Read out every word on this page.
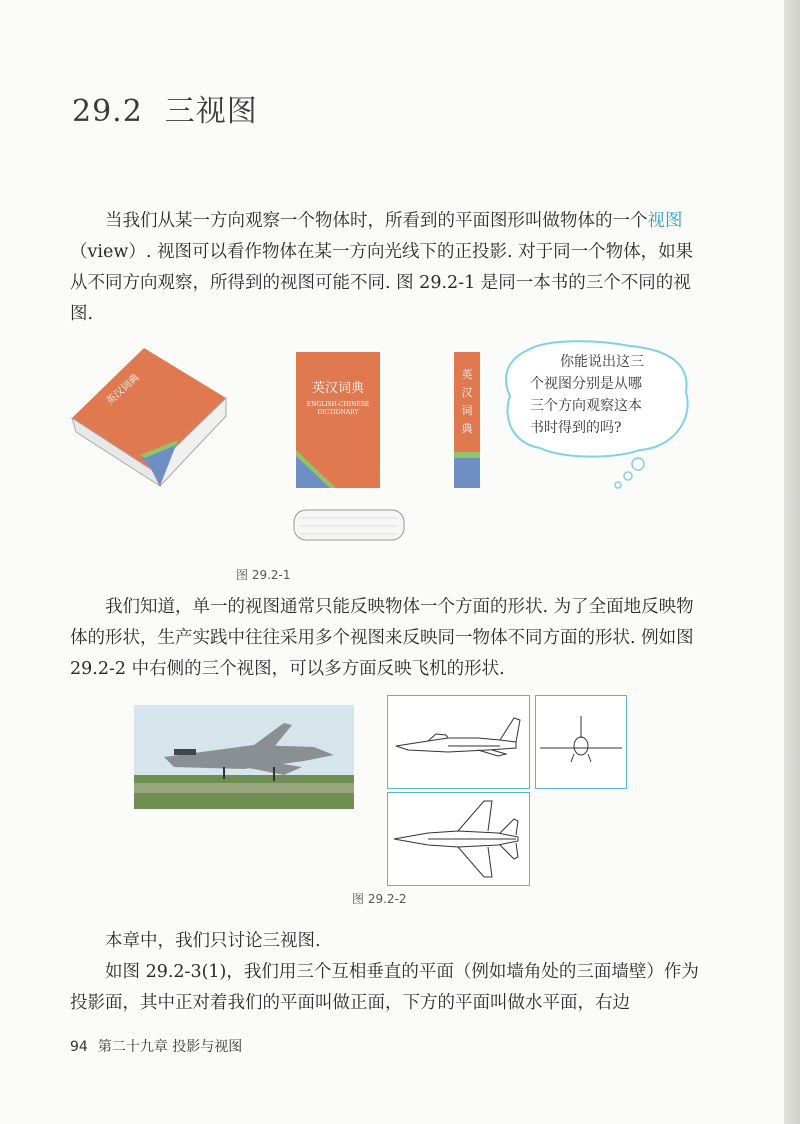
29.2 三视图

当我们从某一方向观察一个物体时，所看到的平面图形叫做物体的一个视图（view）. 视图可以看作物体在某一方向光线下的正投影. 对于同一个物体，如果从不同方向观察，所得到的视图可能不同. 图 29.2-1 是同一本书的三个不同的视图.

英汉词典	英汉词典
ENGLISH-CHINESE
DICTIONARY
英
汉
词
典
你能说出这三
个视图分别是从哪
三个方向观察这本
书时得到的吗?
图 29.2-1

我们知道，单一的视图通常只能反映物体一个方面的形状. 为了全面地反映物体的形状，生产实践中往往采用多个视图来反映同一物体不同方面的形状. 例如图 29.2-2 中右侧的三个视图，可以多方面反映飞机的形状.

图 29.2-2

本章中，我们只讨论三视图.

如图 29.2-3(1)，我们用三个互相垂直的平面（例如墙角处的三面墙壁）作为投影面，其中正对着我们的平面叫做正面，下方的平面叫做水平面，右边

94 第二十九章 投影与视图
